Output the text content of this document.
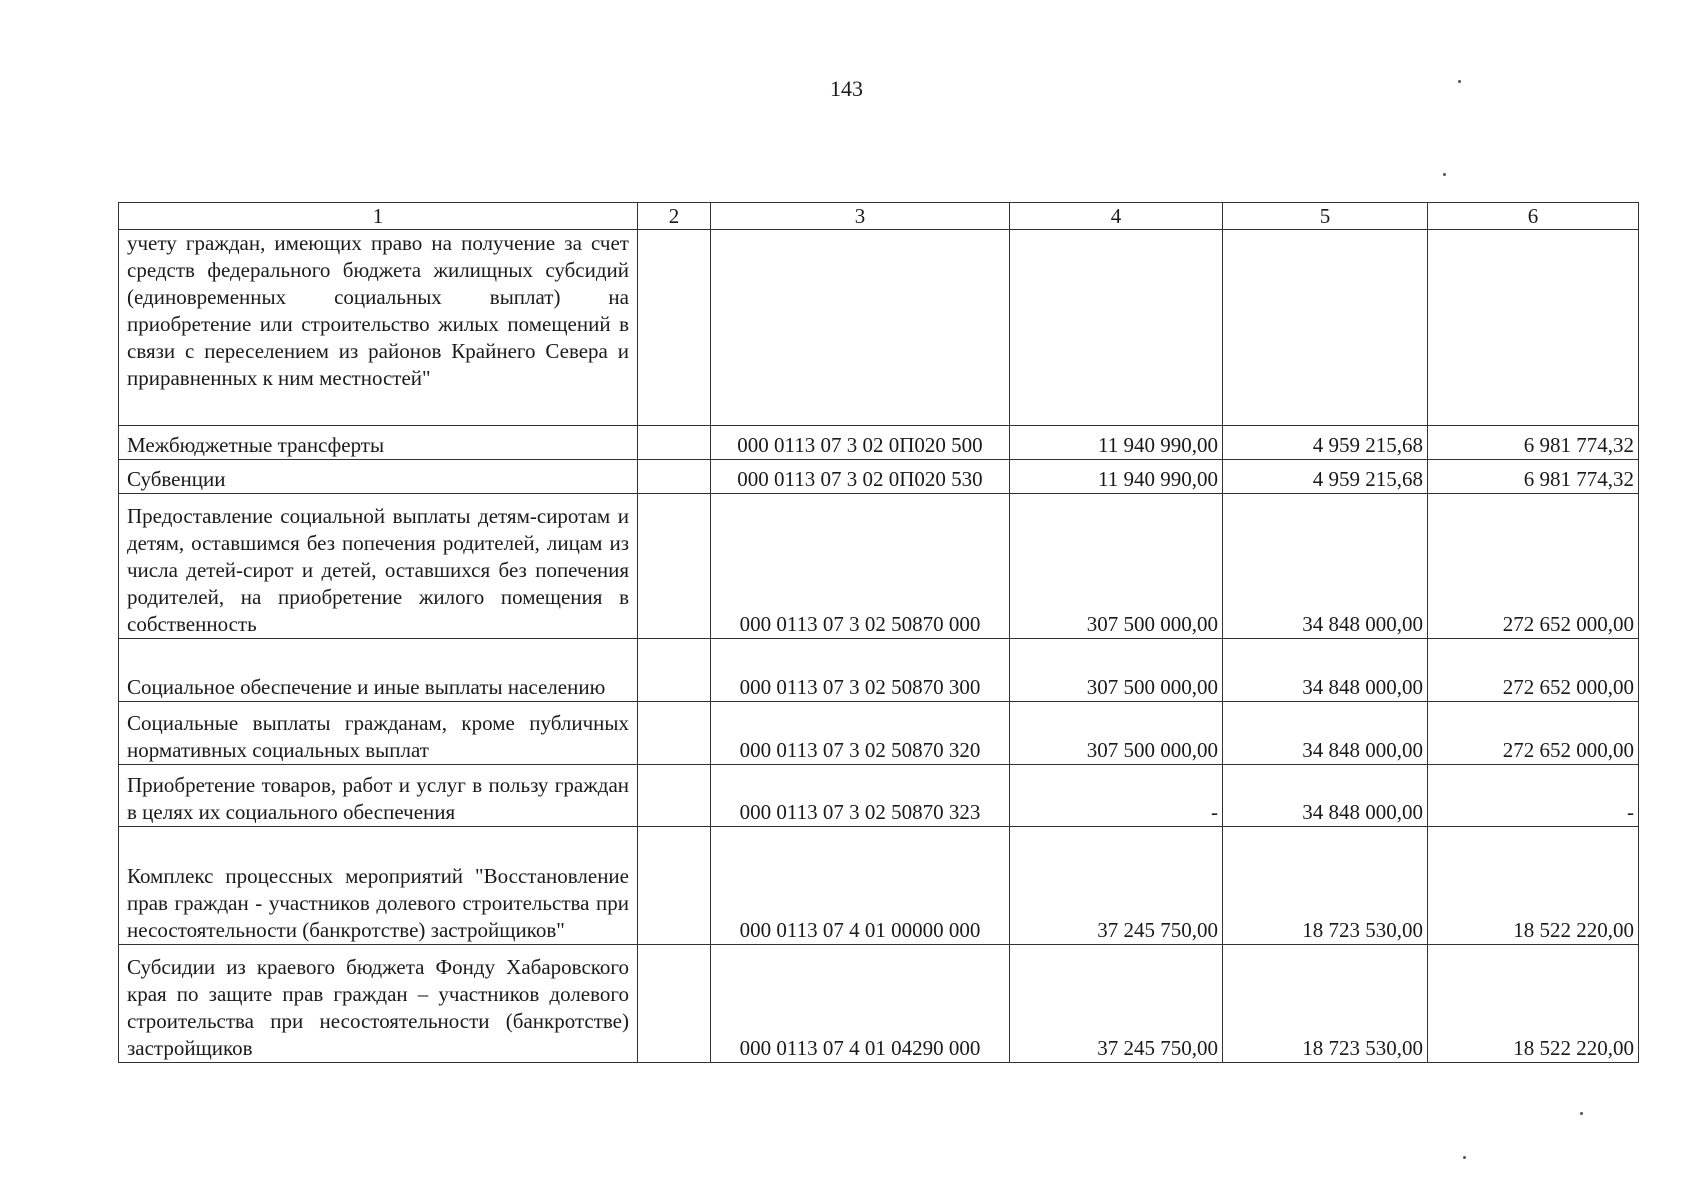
143
1	2	3	4	5	6
учету граждан, имеющих право на получение за счет средств федерального бюджета жилищных субсидий (единовременных социальных выплат) на приобретение или строительство жилых помещений в связи с переселением из районов Крайнего Севера и приравненных к ним местностей"					
Межбюджетные трансферты		000 0113 07 3 02 0П020 500	11 940 990,00	4 959 215,68	6 981 774,32
Субвенции		000 0113 07 3 02 0П020 530	11 940 990,00	4 959 215,68	6 981 774,32
Предоставление социальной выплаты детям-сиротам и детям, оставшимся без попечения родителей, лицам из числа детей-сирот и детей, оставшихся без попечения родителей, на приобретение жилого помещения в собственность		000 0113 07 3 02 50870 000	307 500 000,00	34 848 000,00	272 652 000,00
Социальное обеспечение и иные выплаты населению		000 0113 07 3 02 50870 300	307 500 000,00	34 848 000,00	272 652 000,00
Социальные выплаты гражданам, кроме публичных нормативных социальных выплат		000 0113 07 3 02 50870 320	307 500 000,00	34 848 000,00	272 652 000,00
Приобретение товаров, работ и услуг в пользу граждан в целях их социального обеспечения		000 0113 07 3 02 50870 323	-	34 848 000,00	-
Комплекс процессных мероприятий "Восстановление прав граждан - участников долевого строительства при несостоятельности (банкротстве) застройщиков"		000 0113 07 4 01 00000 000	37 245 750,00	18 723 530,00	18 522 220,00
Субсидии из краевого бюджета Фонду Хабаровского края по защите прав граждан – участников долевого строительства при несостоятельности (банкротстве) застройщиков		000 0113 07 4 01 04290 000	37 245 750,00	18 723 530,00	18 522 220,00
